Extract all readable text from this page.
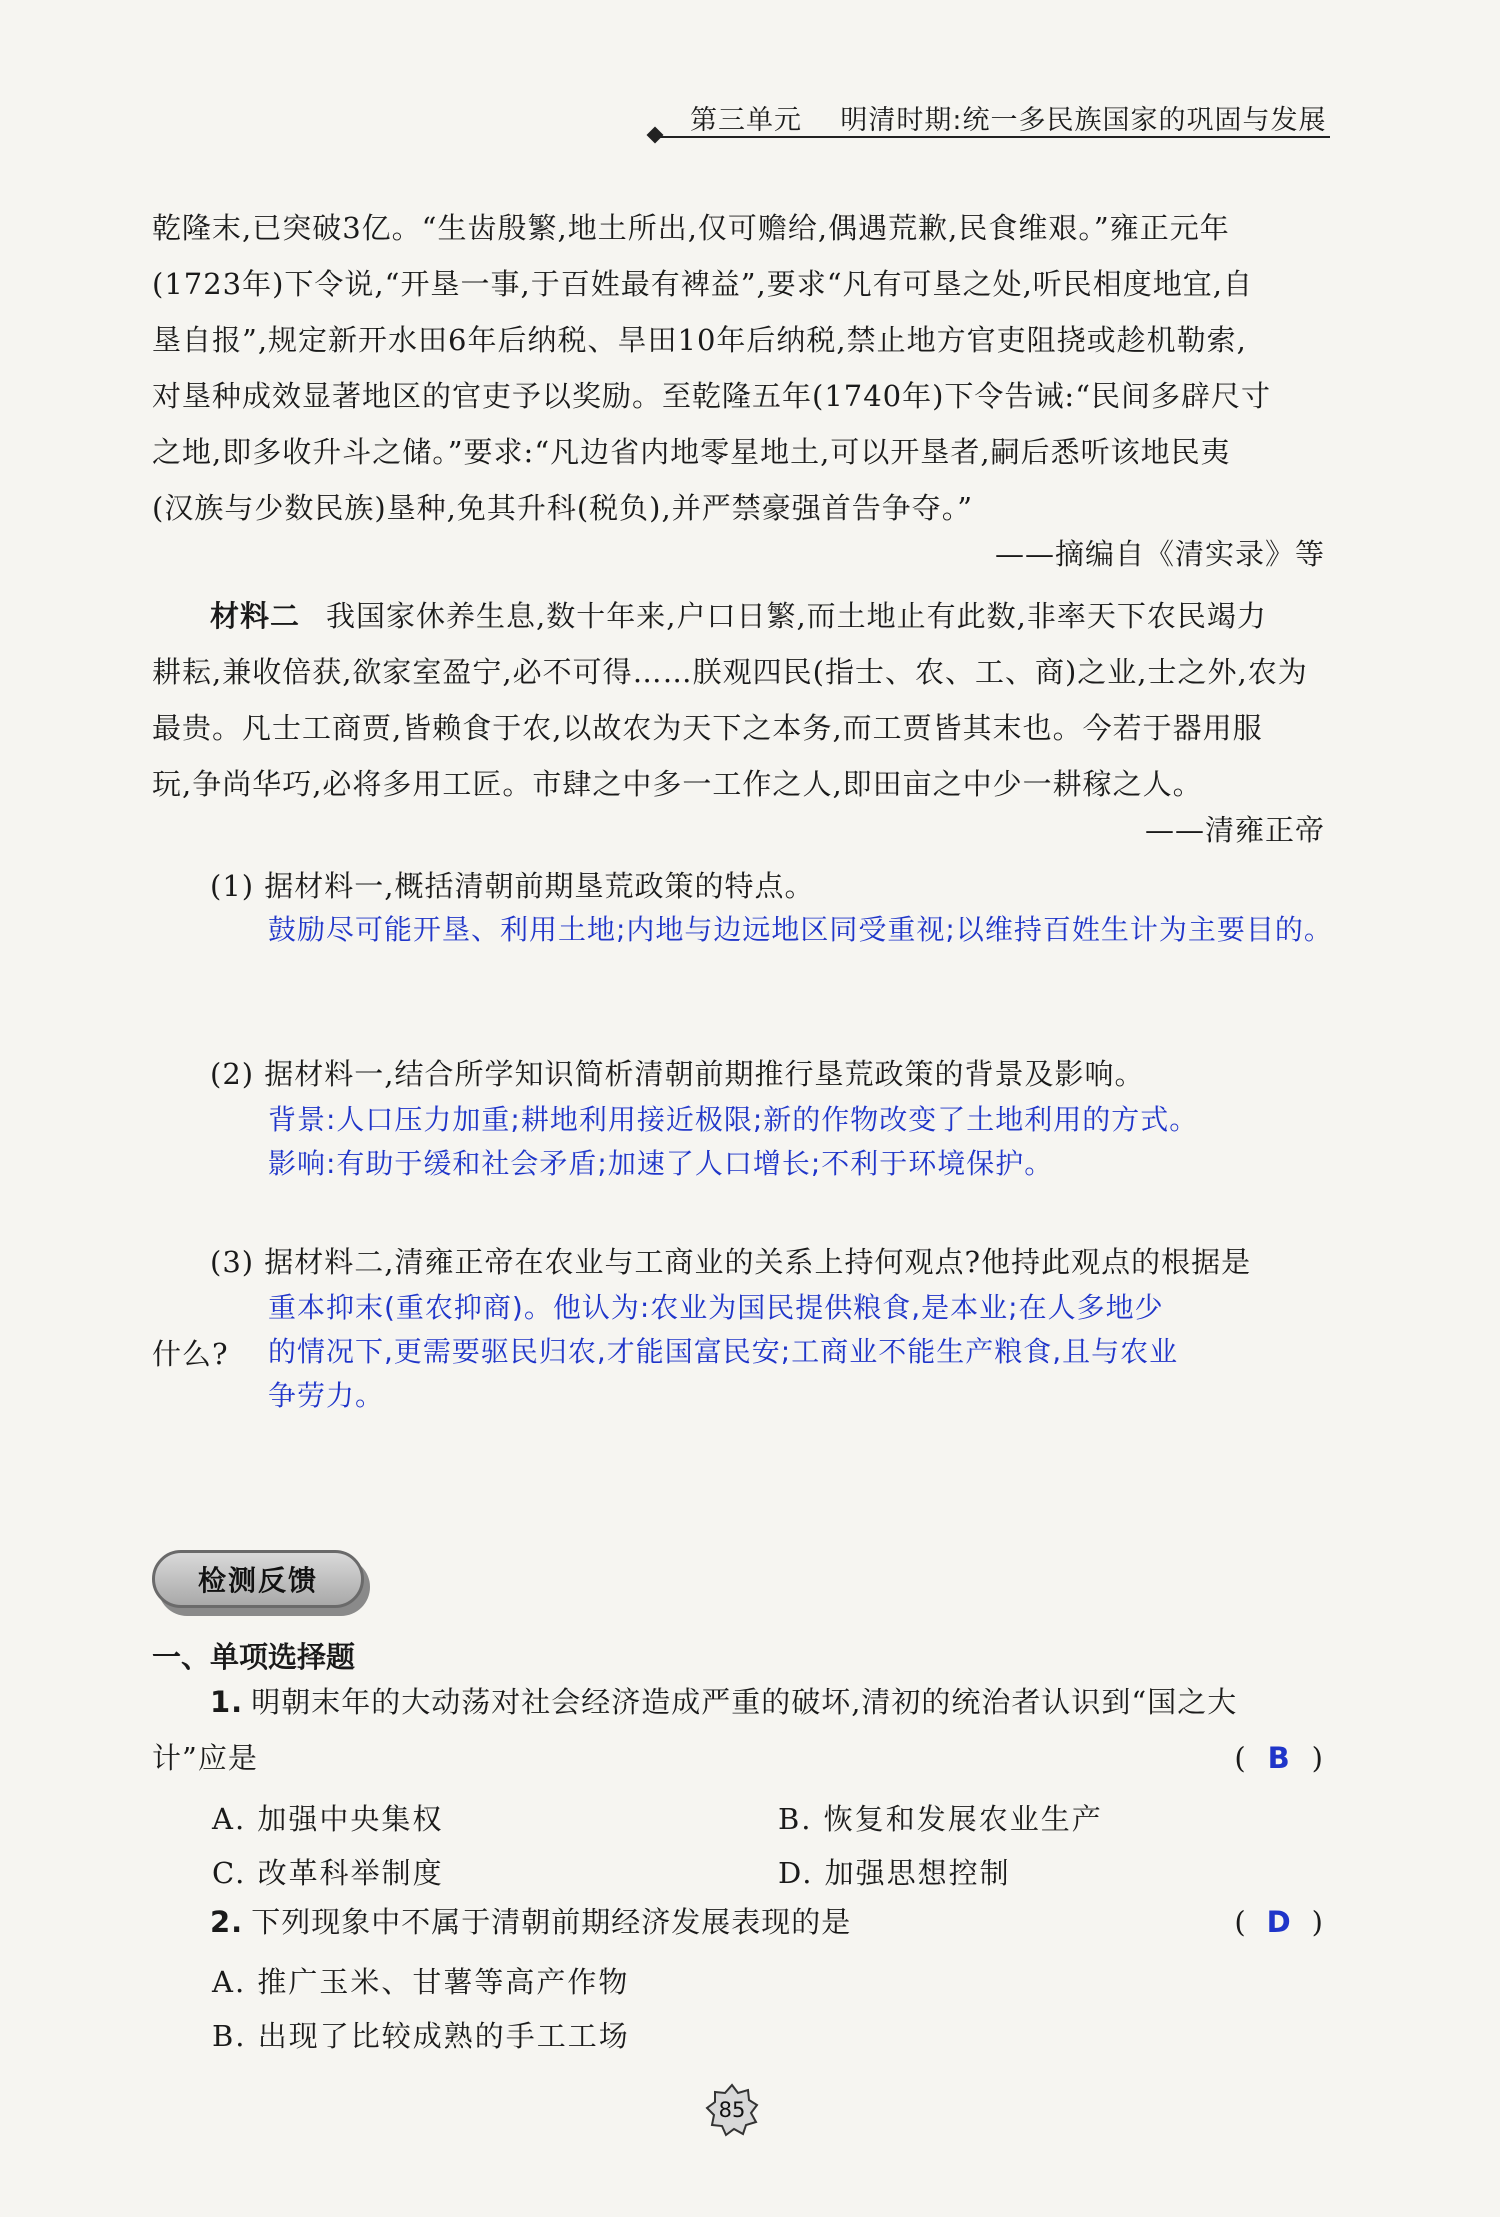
第三单元 明清时期:统一多民族国家的巩固与发展

乾隆末,已突破3亿。“生齿殷繁,地土所出,仅可赡给,偶遇荒歉,民食维艰。”雍正元年
(1723年)下令说,“开垦一事,于百姓最有裨益”,要求“凡有可垦之处,听民相度地宜,自
垦自报”,规定新开水田6年后纳税、旱田10年后纳税,禁止地方官吏阻挠或趁机勒索,
对垦种成效显著地区的官吏予以奖励。至乾隆五年(1740年)下令告诫:“民间多辟尺寸
之地,即多收升斗之储。”要求:“凡边省内地零星地土,可以开垦者,嗣后悉听该地民夷
(汉族与少数民族)垦种,免其升科(税负),并严禁豪强首告争夺。”

——摘编自《清实录》等

材料二 我国家休养生息,数十年来,户口日繁,而土地止有此数,非率天下农民竭力
耕耘,兼收倍获,欲家室盈宁,必不可得……朕观四民(指士、农、工、商)之业,士之外,农为
最贵。凡士工商贾,皆赖食于农,以故农为天下之本务,而工贾皆其末也。今若于器用服
玩,争尚华巧,必将多用工匠。市肆之中多一工作之人,即田亩之中少一耕稼之人。

——清雍正帝

(1) 据材料一,概括清朝前期垦荒政策的特点。

鼓励尽可能开垦、利用土地;内地与边远地区同受重视;以维持百姓生计为主要目的。

(2) 据材料一,结合所学知识简析清朝前期推行垦荒政策的背景及影响。

背景:人口压力加重;耕地利用接近极限;新的作物改变了土地利用的方式。
影响:有助于缓和社会矛盾;加速了人口增长;不利于环境保护。

(3) 据材料二,清雍正帝在农业与工商业的关系上持何观点?他持此观点的根据是

什么?

重本抑末(重农抑商)。他认为:农业为国民提供粮食,是本业;在人多地少
的情况下,更需要驱民归农,才能国富民安;工商业不能生产粮食,且与农业
争劳力。

检测反馈

一、单项选择题

1. 明朝末年的大动荡对社会经济造成严重的破坏,清初的统治者认识到“国之大

计”应是	( B )

A. 加强中央集权	B. 恢复和发展农业生产

C. 改革科举制度	D. 加强思想控制

2. 下列现象中不属于清朝前期经济发展表现的是	( D )

A. 推广玉米、甘薯等高产作物

B. 出现了比较成熟的手工工场

85
